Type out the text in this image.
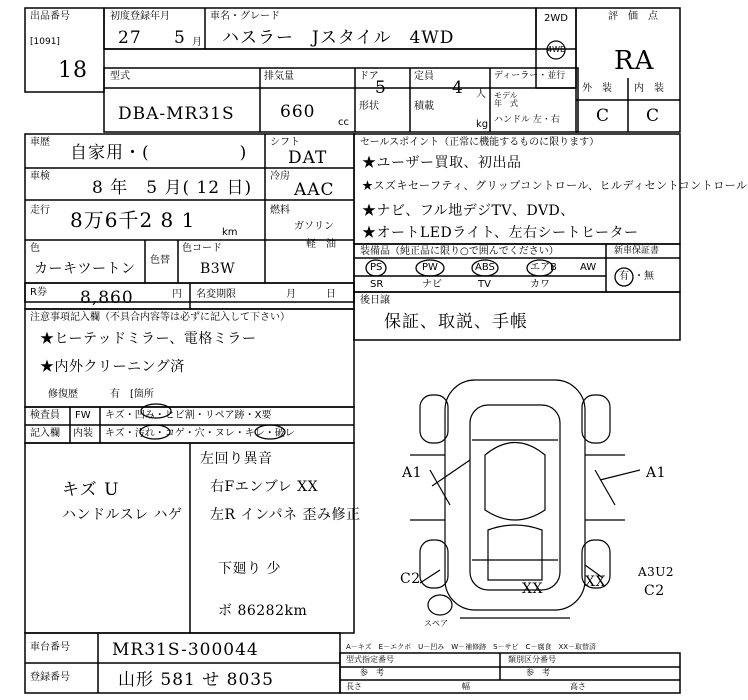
出品番号
[1091]
18
初度登録年月
27 5 月
車名・グレード
ハスラー　Jスタイル　4WD
2WD
4WD
評　価　点
RA
型式
DBA-MR31S
排気量
660
cc
ドア
5
定員
4 人
形状	積載
kg
ディーラー・並行
モデル
年　式
ハンドル 左・右
外　装 内　装
C C
車歴
自家用・(　　　　　)
シフト
DAT
車検
8 年　5 月( 12 日)
冷房
AAC
走行 8万6千2 8 1
km
燃料
ガソリン
軽　油
色
カーキツートン
色替
色コード
B3W
R券 8,860	円 名変期限	月　　　日
セールスポイント（正常に機能するものに限ります）
★ユーザー買取、初出品
★スズキセーフティ、グリップコントロール、ヒルディセントコントロール
★ナビ、フル地デジTV、DVD、
★オートLEDライト、左右シートヒーター
装備品（純正品に限り○で囲んでください）	新車保証書
PS	PW	ABS	エアB AW
SR	ナビ	TV	カワ
有 ・無
注意事項記入欄（不具合内容等は必ずに記入して下さい）
★ヒーテッドミラー、電格ミラー
★内外クリーニング済
修復歴	有　[箇所
後日譲
保証、取説、手帳
検査員
記入欄
FW キズ・凹み・ヒビ割・リペア跡・X要
内装 キズ・汚れ・コゲ・穴・ヌレ・キレ・破レ
キズ U
ハンドルスレ ハゲ
左回り異音
右Fエンブレ XX
左R インパネ 歪み修正
下廻り 少
ボ 86282km
A1	A1
C2
XX	XX
A3U2
C2
スペア
車台番号 MR31S-300044
登録番号	山形 581 せ 8035
A－キズ　E－エクボ　U－凹み　W－補修跡　S－サビ　C－腐食　XX－取替済
型式指定番号	類別区分番号
参　考	参　考
長さ	幅	高さ
